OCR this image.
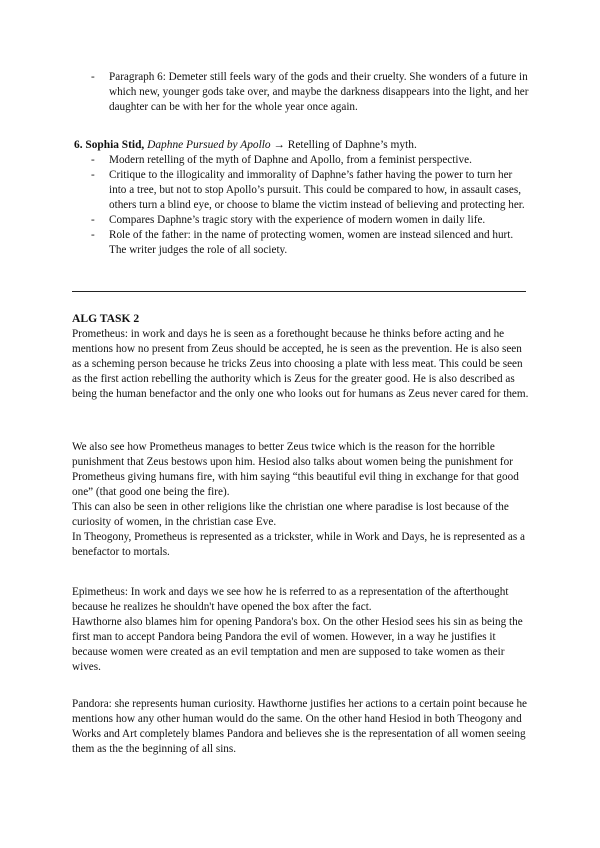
- Paragraph 6: Demeter still feels wary of the gods and their cruelty. She wonders of a future in which new, younger gods take over, and maybe the darkness disappears into the light, and her daughter can be with her for the whole year once again.
6. Sophia Stid, Daphne Pursued by Apollo → Retelling of Daphne’s myth.
- Modern retelling of the myth of Daphne and Apollo, from a feminist perspective.
- Critique to the illogicality and immorality of Daphne’s father having the power to turn her into a tree, but not to stop Apollo’s pursuit. This could be compared to how, in assault cases, others turn a blind eye, or choose to blame the victim instead of believing and protecting her.
- Compares Daphne’s tragic story with the experience of modern women in daily life.
- Role of the father: in the name of protecting women, women are instead silenced and hurt. The writer judges the role of all society.
ALG TASK 2
Prometheus: in work and days he is seen as a forethought because he thinks before acting and he mentions how no present from Zeus should be accepted, he is seen as the prevention. He is also seen as a scheming person because he tricks Zeus into choosing a plate with less meat. This could be seen as the first action rebelling the authority which is Zeus for the greater good. He is also described as being the human benefactor and the only one who looks out for humans as Zeus never cared for them.
We also see how Prometheus manages to better Zeus twice which is the reason for the horrible punishment that Zeus bestows upon him. Hesiod also talks about women being the punishment for Prometheus giving humans fire, with him saying “this beautiful evil thing in exchange for that good one” (that good one being the fire).
This can also be seen in other religions like the christian one where paradise is lost because of the curiosity of women, in the christian case Eve.
In Theogony, Prometheus is represented as a trickster, while in Work and Days, he is represented as a benefactor to mortals.
Epimetheus: In work and days we see how he is referred to as a representation of the afterthought because he realizes he shouldn't have opened the box after the fact.
Hawthorne also blames him for opening Pandora's box. On the other Hesiod sees his sin as being the first man to accept Pandora being Pandora the evil of women. However, in a way he justifies it because women were created as an evil temptation and men are supposed to take women as their wives.
Pandora: she represents human curiosity. Hawthorne justifies her actions to a certain point because he mentions how any other human would do the same. On the other hand Hesiod in both Theogony and Works and Art completely blames Pandora and believes she is the representation of all women seeing them as the the beginning of all sins.
